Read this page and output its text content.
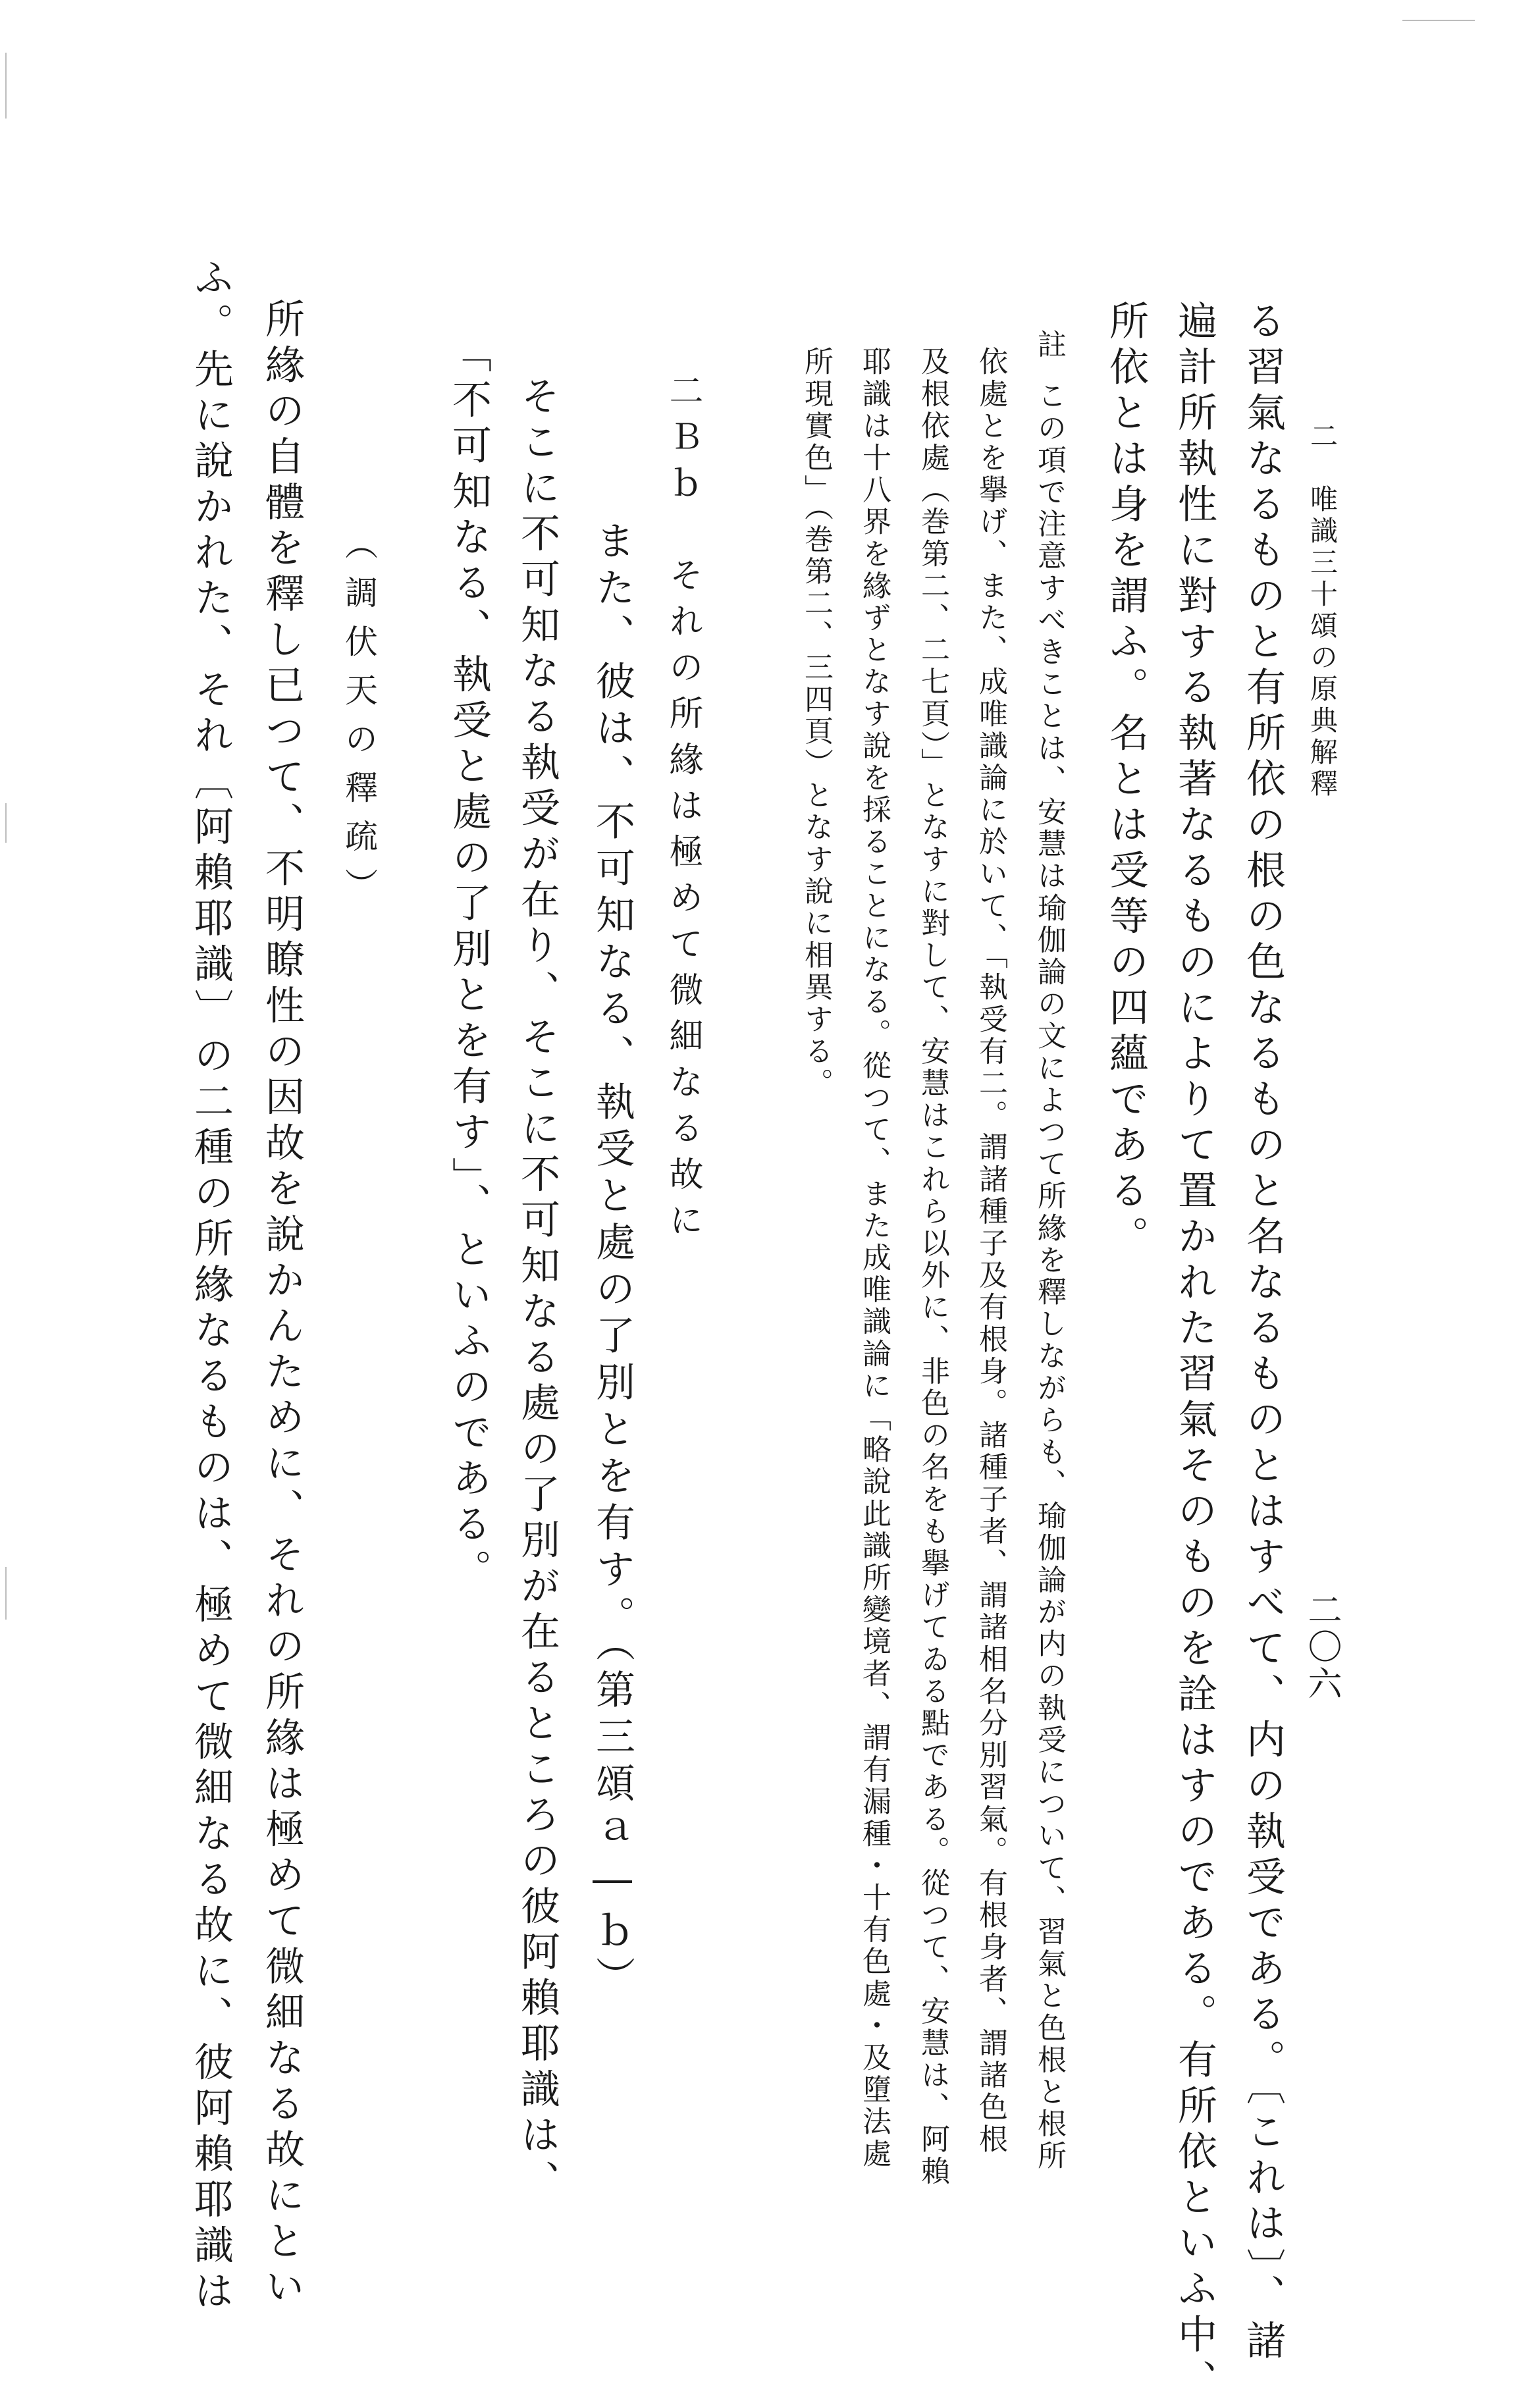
二　唯識三十頌の原典解釋
二〇六
る習氣なるものと有所依の根の色なるものと名なるものとはすべて、内の執受である。〔これは〕、諸
遍計所執性に對する執著なるものによりて置かれた習氣そのものを詮はすのである。有所依といふ中、
所依とは身を謂ふ。名とは受等の四蘊である。
註
この項で注意すべきことは、安慧は瑜伽論の文によつて所緣を釋しながらも、瑜伽論が内の執受について、習氣と色根と根所
依處とを擧げ、また、成唯識論に於いて、「執受有二。謂諸種子及有根身。諸種子者、謂諸相名分別習氣。有根身者、謂諸色根
及根依處（巻第二、二七頁）」となすに對して、安慧はこれら以外に、非色の名をも擧げてゐる點である。從つて、安慧は、阿賴
耶識は十八界を緣ずとなす說を採ることになる。從つて、また成唯識論に「略說此識所變境者、謂有漏種・十有色處・及墮法處
所現實色」（巻第二、三四頁）となす說に相異する。
二Ｂｂ　それの所緣は極めて微細なる故に
また、彼は、不可知なる、執受と處の了別とを有す。（第三頌ａ―ｂ）
そこに不可知なる執受が在り、そこに不可知なる處の了別が在るところの彼阿賴耶識は、
「不可知なる、執受と處の了別とを有す」、といふのである。
（調伏天の釋疏）
所緣の自體を釋し已つて、不明瞭性の因故を說かんために、それの所緣は極めて微細なる故にとい
ふ。先に說かれた、それ〔阿賴耶識〕の二種の所緣なるものは、極めて微細なる故に、彼阿賴耶識は
